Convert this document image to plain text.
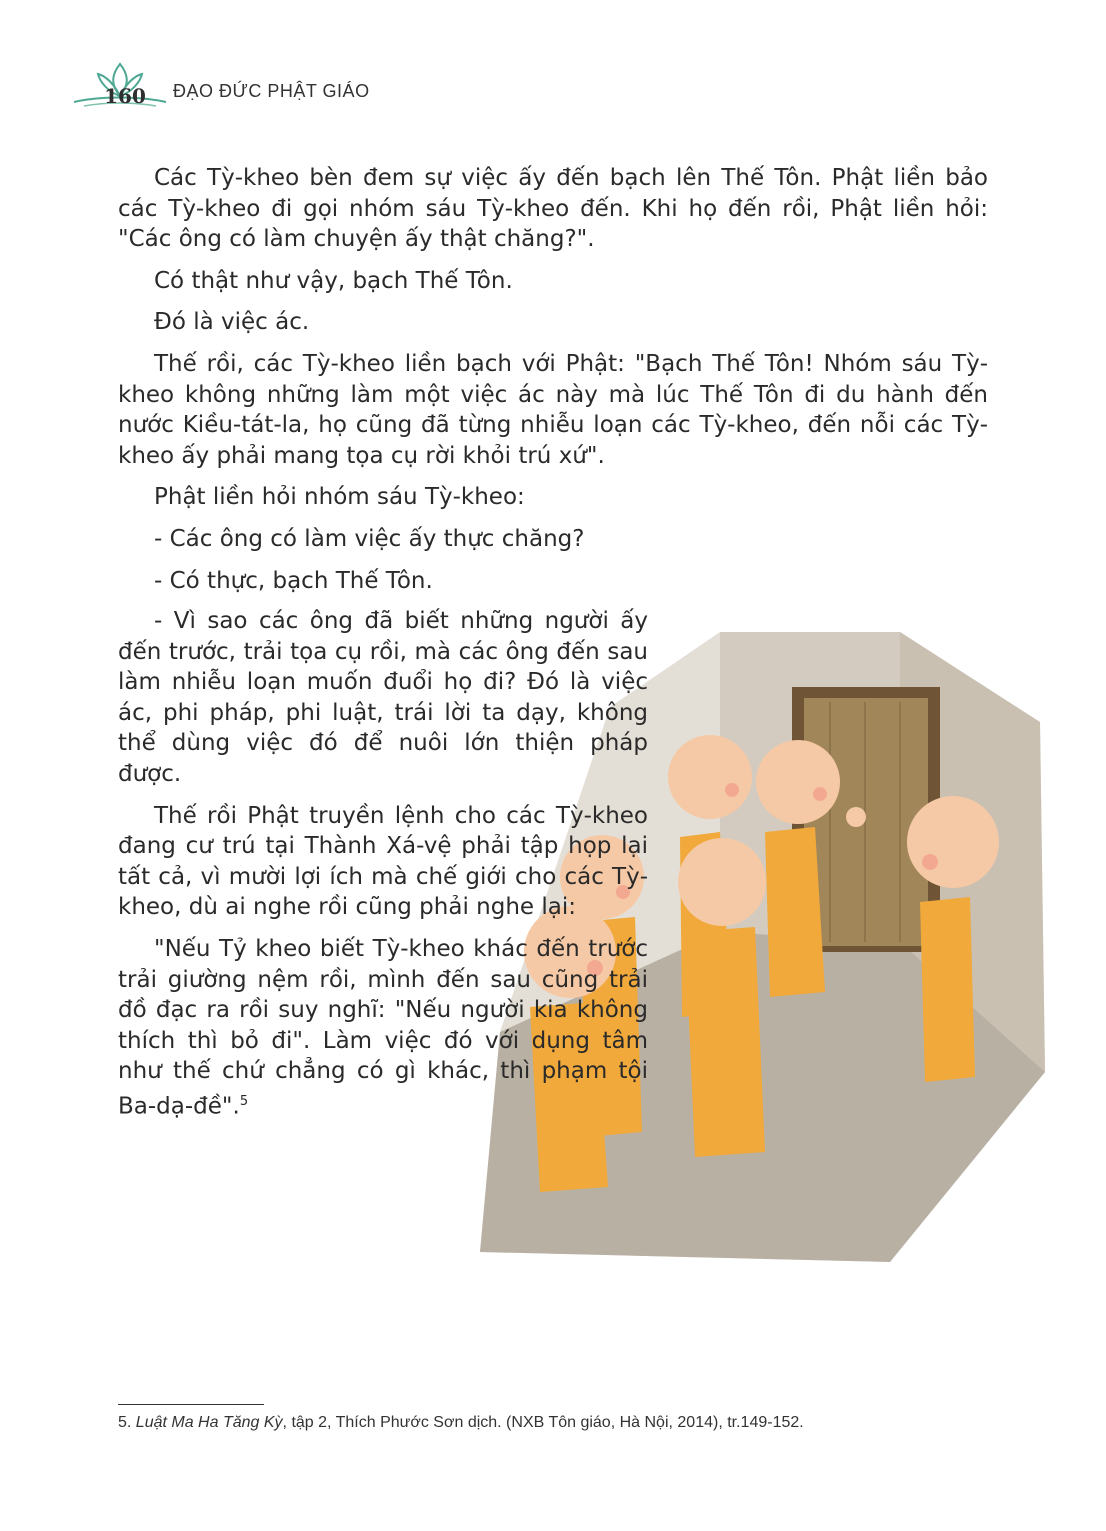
160 ĐẠO ĐỨC PHẬT GIÁO

Các Tỳ-kheo bèn đem sự việc ấy đến bạch lên Thế Tôn. Phật liền bảo các Tỳ-kheo đi gọi nhóm sáu Tỳ-kheo đến. Khi họ đến rồi, Phật liền hỏi: "Các ông có làm chuyện ấy thật chăng?".

Có thật như vậy, bạch Thế Tôn.

Đó là việc ác.

Thế rồi, các Tỳ-kheo liền bạch với Phật: "Bạch Thế Tôn! Nhóm sáu Tỳ-kheo không những làm một việc ác này mà lúc Thế Tôn đi du hành đến nước Kiều-tát-la, họ cũng đã từng nhiễu loạn các Tỳ-kheo, đến nỗi các Tỳ-kheo ấy phải mang tọa cụ rời khỏi trú xứ".

Phật liền hỏi nhóm sáu Tỳ-kheo:

- Các ông có làm việc ấy thực chăng?

- Có thực, bạch Thế Tôn.

- Vì sao các ông đã biết những người ấy đến trước, trải tọa cụ rồi, mà các ông đến sau làm nhiễu loạn muốn đuổi họ đi? Đó là việc ác, phi pháp, phi luật, trái lời ta dạy, không thể dùng việc đó để nuôi lớn thiện pháp được.

Thế rồi Phật truyền lệnh cho các Tỳ-kheo đang cư trú tại Thành Xá-vệ phải tập họp lại tất cả, vì mười lợi ích mà chế giới cho các Tỳ-kheo, dù ai nghe rồi cũng phải nghe lại:

"Nếu Tỷ kheo biết Tỳ-kheo khác đến trước trải giường nệm rồi, mình đến sau cũng trải đồ đạc ra rồi suy nghĩ: "Nếu người kia không thích thì bỏ đi". Làm việc đó với dụng tâm như thế chứ chẳng có gì khác, thì phạm tội Ba-dạ-đề".$^5$

5. Luật Ma Ha Tăng Kỳ, tập 2, Thích Phước Sơn dịch. (NXB Tôn giáo, Hà Nội, 2014), tr.149-152.
